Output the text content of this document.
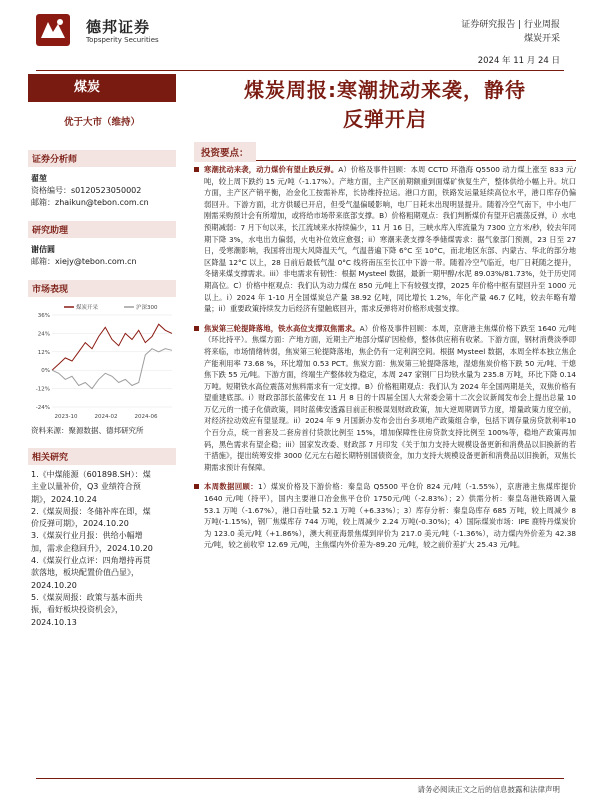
德邦证券
Topsperity Securities
证券研究报告 | 行业周报
煤炭开采
2024 年 11 月 24 日
煤炭
优于大市（维持）
证券分析师
翟堃
资格编号：s0120523050002
邮箱：zhaikun@tebon.com.cn
研究助理
谢佶圆
邮箱：xiejy@tebon.com.cn
市场表现
36%
24%
12%
0%
-12%
-24%
2023-10	2024-02	2024-06
煤炭开采	沪深300
资料来源：聚源数据、德邦研究所
相关研究
1.《中煤能源（601898.SH）：煤
主业以量补价，Q3 业绩符合预
期》，2024.10.24
2.《煤炭周报：冬储补库在即，煤
价反弹可期》，2024.10.20
3.《煤炭行业月报：供给小幅增
加，需求企稳回升》，2024.10.20
4.《煤炭行业点评：四角增持再贯
款落地，板块配置价值凸显》，
2024.10.20
5.《煤炭周报：政策与基本面共
振，看好板块投资机会》，
2024.10.13
煤炭周报:寒潮扰动来袭，静待
反弹开启
投资要点：
寒潮扰动来袭，动力煤价有望止跌反弹。A）价格及事件回顾：本周 CCTD 环渤海 Q5500 动力煤上涨至 833 元/吨，较上周下跌约 15 元/吨（-1.17%）。产地方面，主产区前期额重到面煤矿恢复生产，整体供给小幅上升。坑口方面，主产区产销平衡，冶金化工按需补库，长协维持拉运。港口方面，铁路发运量延续高位水平，港口库存仍偏弱回升。下游方面，北方供暖已开启，但受气温偏暖影响，电厂日耗未出现明显提升。随着冷空气南下，中小电厂刚需采购预计会有所增加，或将给市场带来底部支撑。B）价格粗期观点：我们判断煤价有望开启震荡反弹，i）水电预期减弱：7 月下旬以来，长江流域来水持续偏少，11 月 16 日，三峡水库入库流量为 7300 立方米/秒，较去年同期下降 3%，水电出力偏弱，火电补位效应愈强；ii）寒潮来袭支撑冬季储煤需求：据气象部门预测，23 日至 27 日，受寒潮影响，我国将出现大风降温天气，气温普遍下降 6°C 至 10°C，而北地区东部、内蒙古、华北的部分地区降温 12°C 以上，28 日前后最低气温 0°C 线将南压至长江中下游一带。随着冷空气临近，电厂日耗随之提升，冬储来煤支撑需求。iii）非电需求有韧性：根据 Mysteel 数据，最新一期甲醇/水泥 89.03%/81.73%，处于历史同期高位。C）价格中枢观点：我们认为动力煤在 850 元/吨上下有较强支撑，2025 年价格中枢有望回升至 1000 元以上。i）2024 年 1-10 月全国煤炭总产量 38.92 亿吨，同比增长 1.2%，年化产量 46.7 亿吨，较去年略有增量；ii）重要政策持续发力后经济有望触底回升，需求反弹将对价格形成强支撑。
焦炭第三轮提降落地，铁水高位支撑双焦需求。A）价格及事件回顾：本周，京唐港主焦煤价格下跌至 1640 元/吨（环比持平）。焦煤方面：产地方面，近期主产地部分煤矿因检修，整体供应稍有收紧。下游方面，钢材消费淡季即将来临，市场情绪转弱，焦炭第三轮提降落地，焦企仍有一定利润空间。根据 Mysteel 数据，本周全样本独立焦企产能利用率 73.68 %，环比增加 0.53 PCT。焦炭方面：焦炭第三轮提降落地，湿熄焦炭价格下跌 50 元/吨、干熄焦下跌 55 元/吨。下游方面，终端生产整体较为稳定，本周 247 家钢厂日均铁水量为 235.8 万吨，环比下降 0.14 万吨。短期铁水高位震荡对焦料需求有一定支撑。B）价格粗期观点：我们认为 2024 年全国两期是关，双焦价格有望重建底部。i）财政部部长蓝佛安在 11 月 8 日的十四届全国人大常委会第十二次会议新闻发布会上提出总量 10 万亿元的一揽子化债政策，同时蓝佛安透露目前正积极谋划财政政策，加大逆周期调节力度，增量政策力度空前，对经济拉动效应有望显现。ii）2024 年 9 月国新办发布会出台多项地产政策组合拳，包括下调存量房贷款利率10 个百分点，统一首套及二套房首付贷款比例至 15%，增加保障性住房贷款支持比例至 100%等，稳地产政策再加码，黑色需求有望企稳；iii）国家发改委、财政部 7 月印发《关于加力支持大规模设备更新和消费品以旧换新的若干措施》，提出统筹安排 3000 亿元左右超长期特别国债资金，加力支持大规模设备更新和消费品以旧换新，双焦长期需求预计有保障。
本周数据回顾：1）煤炭价格及下游价格：秦皇岛 Q5500 平仓价 824 元/吨（-1.55%），京唐港主焦煤库提价 1640 元/吨（持平），国内主要港口冶金焦平仓价 1750元/吨（-2.83%）；2）供需分析：秦皇岛港铁路调入量 53.1 万吨（-1.67%），港口吞吐量 52.1 万吨（+6.33%）；3）库存分析：秦皇岛库存 685 万吨，较上周减少 8 万吨(-1.15%)，钢厂焦煤库存 744 万吨，较上周减少 2.24 万吨(-0.30%)；4）国际煤炭市场：IPE 鹿特丹煤炭价为 123.0 美元/吨（+1.86%），澳大利亚海景焦煤到岸价为 217.0 美元/吨（-1.36%），动力煤内外价差为 42.38 元/吨，较之前收窄 12.69 元/吨，主焦煤内外价差为-89.20 元/吨，较之前价差扩大 25.43 元/吨。
请务必阅读正文之后的信息披露和法律声明
